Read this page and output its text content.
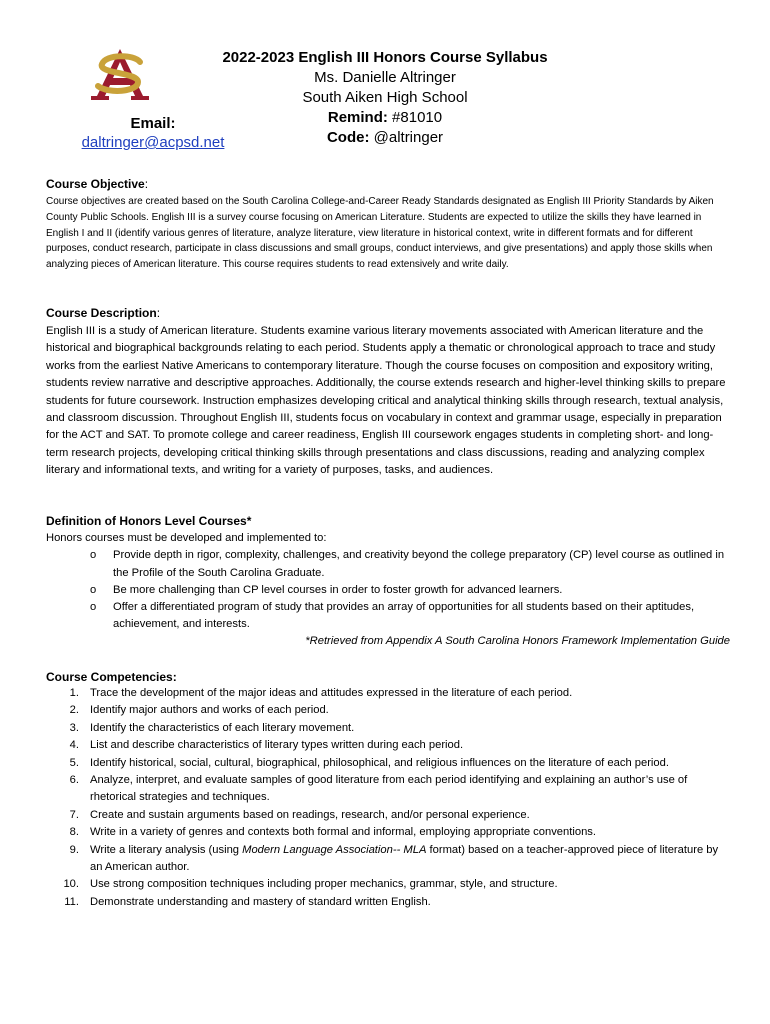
Email:
daltringer@acpsd.net
2022-2023 English III Honors Course Syllabus
Ms. Danielle Altringer
South Aiken High School
Remind: #81010
Code: @altringer
Course Objective:
Course objectives are created based on the South Carolina College-and-Career Ready Standards designated as English III Priority Standards by Aiken County Public Schools. English III is a survey course focusing on American Literature. Students are expected to utilize the skills they have learned in English I and II (identify various genres of literature, analyze literature, view literature in historical context, write in different formats and for different purposes, conduct research, participate in class discussions and small groups, conduct interviews, and give presentations) and apply those skills when analyzing pieces of American literature. This course requires students to read extensively and write daily.
Course Description:
English III is a study of American literature. Students examine various literary movements associated with American literature and the historical and biographical backgrounds relating to each period. Students apply a thematic or chronological approach to trace and study works from the earliest Native Americans to contemporary literature. Though the course focuses on composition and expository writing, students review narrative and descriptive approaches. Additionally, the course extends research and higher-level thinking skills to prepare students for future coursework. Instruction emphasizes developing critical and analytical thinking skills through research, textual analysis, and classroom discussion. Throughout English III, students focus on vocabulary in context and grammar usage, especially in preparation for the ACT and SAT. To promote college and career readiness, English III coursework engages students in completing short- and long-term research projects, developing critical thinking skills through presentations and class discussions, reading and analyzing complex literary and informational texts, and writing for a variety of purposes, tasks, and audiences.
Definition of Honors Level Courses*
Honors courses must be developed and implemented to:
o Provide depth in rigor, complexity, challenges, and creativity beyond the college preparatory (CP) level course as outlined in the Profile of the South Carolina Graduate.
o Be more challenging than CP level courses in order to foster growth for advanced learners.
o Offer a differentiated program of study that provides an array of opportunities for all students based on their aptitudes, achievement, and interests.
*Retrieved from Appendix A South Carolina Honors Framework Implementation Guide
Course Competencies:
1. Trace the development of the major ideas and attitudes expressed in the literature of each period.
2. Identify major authors and works of each period.
3. Identify the characteristics of each literary movement.
4. List and describe characteristics of literary types written during each period.
5. Identify historical, social, cultural, biographical, philosophical, and religious influences on the literature of each period.
6. Analyze, interpret, and evaluate samples of good literature from each period identifying and explaining an author’s use of rhetorical strategies and techniques.
7. Create and sustain arguments based on readings, research, and/or personal experience.
8. Write in a variety of genres and contexts both formal and informal, employing appropriate conventions.
9. Write a literary analysis (using Modern Language Association-- MLA format) based on a teacher-approved piece of literature by an American author.
10. Use strong composition techniques including proper mechanics, grammar, style, and structure.
11. Demonstrate understanding and mastery of standard written English.
